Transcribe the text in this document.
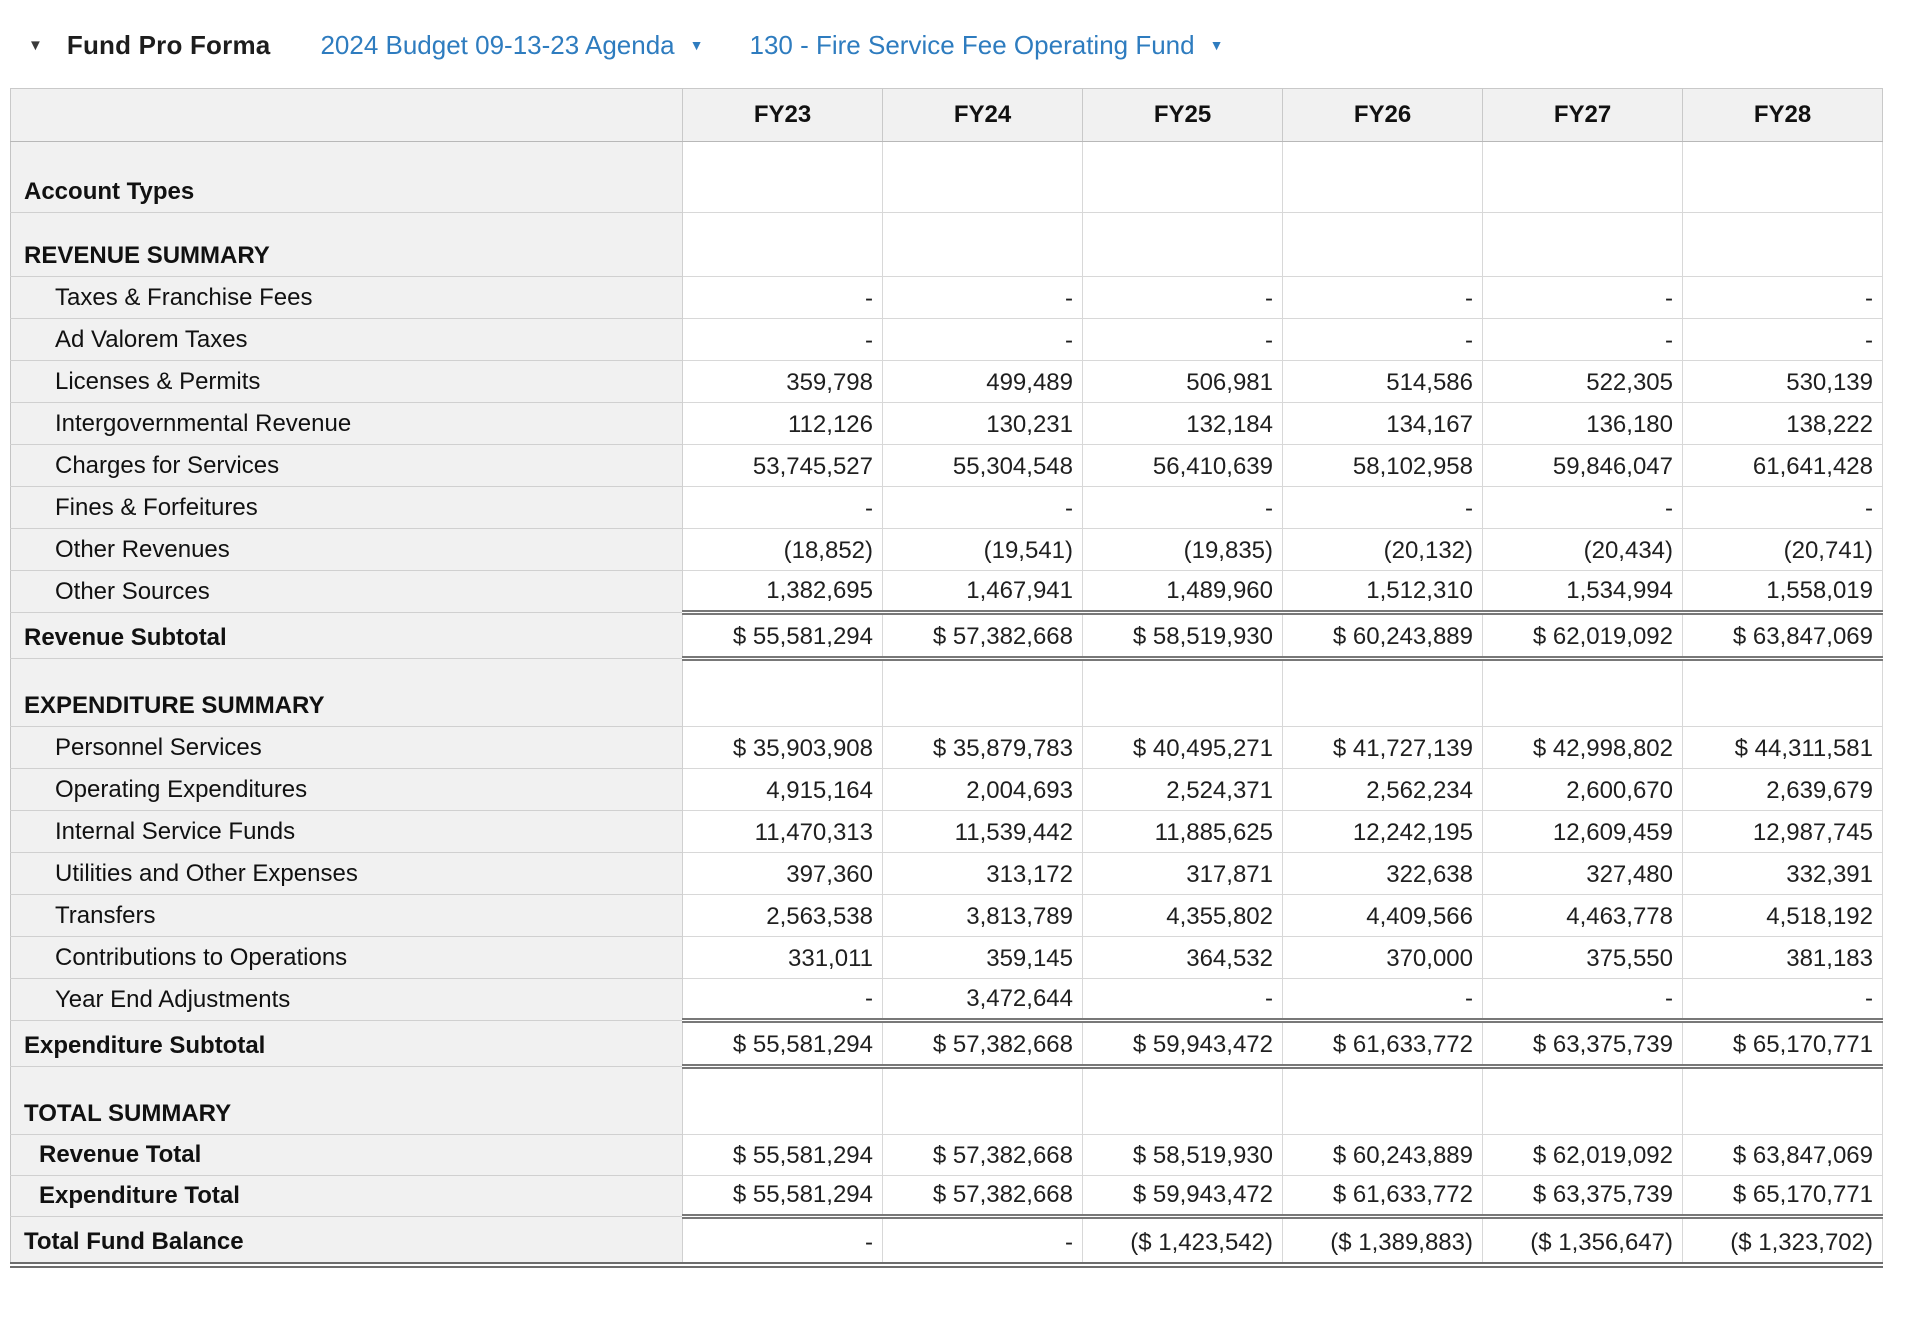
▼ Fund Pro Forma 2024 Budget 09-13-23 Agenda ▼ 130 - Fire Service Fee Operating Fund ▼
	FY23	FY24	FY25	FY26	FY27	FY28
Account Types						
REVENUE SUMMARY						
Taxes & Franchise Fees	-	-	-	-	-	-
Ad Valorem Taxes	-	-	-	-	-	-
Licenses & Permits	359,798	499,489	506,981	514,586	522,305	530,139
Intergovernmental Revenue	112,126	130,231	132,184	134,167	136,180	138,222
Charges for Services	53,745,527	55,304,548	56,410,639	58,102,958	59,846,047	61,641,428
Fines & Forfeitures	-	-	-	-	-	-
Other Revenues	(18,852)	(19,541)	(19,835)	(20,132)	(20,434)	(20,741)
Other Sources	1,382,695	1,467,941	1,489,960	1,512,310	1,534,994	1,558,019
Revenue Subtotal	$ 55,581,294	$ 57,382,668	$ 58,519,930	$ 60,243,889	$ 62,019,092	$ 63,847,069
EXPENDITURE SUMMARY						
Personnel Services	$ 35,903,908	$ 35,879,783	$ 40,495,271	$ 41,727,139	$ 42,998,802	$ 44,311,581
Operating Expenditures	4,915,164	2,004,693	2,524,371	2,562,234	2,600,670	2,639,679
Internal Service Funds	11,470,313	11,539,442	11,885,625	12,242,195	12,609,459	12,987,745
Utilities and Other Expenses	397,360	313,172	317,871	322,638	327,480	332,391
Transfers	2,563,538	3,813,789	4,355,802	4,409,566	4,463,778	4,518,192
Contributions to Operations	331,011	359,145	364,532	370,000	375,550	381,183
Year End Adjustments	-	3,472,644	-	-	-	-
Expenditure Subtotal	$ 55,581,294	$ 57,382,668	$ 59,943,472	$ 61,633,772	$ 63,375,739	$ 65,170,771
TOTAL SUMMARY						
Revenue Total	$ 55,581,294	$ 57,382,668	$ 58,519,930	$ 60,243,889	$ 62,019,092	$ 63,847,069
Expenditure Total	$ 55,581,294	$ 57,382,668	$ 59,943,472	$ 61,633,772	$ 63,375,739	$ 65,170,771
Total Fund Balance	-	-	($ 1,423,542)	($ 1,389,883)	($ 1,356,647)	($ 1,323,702)
